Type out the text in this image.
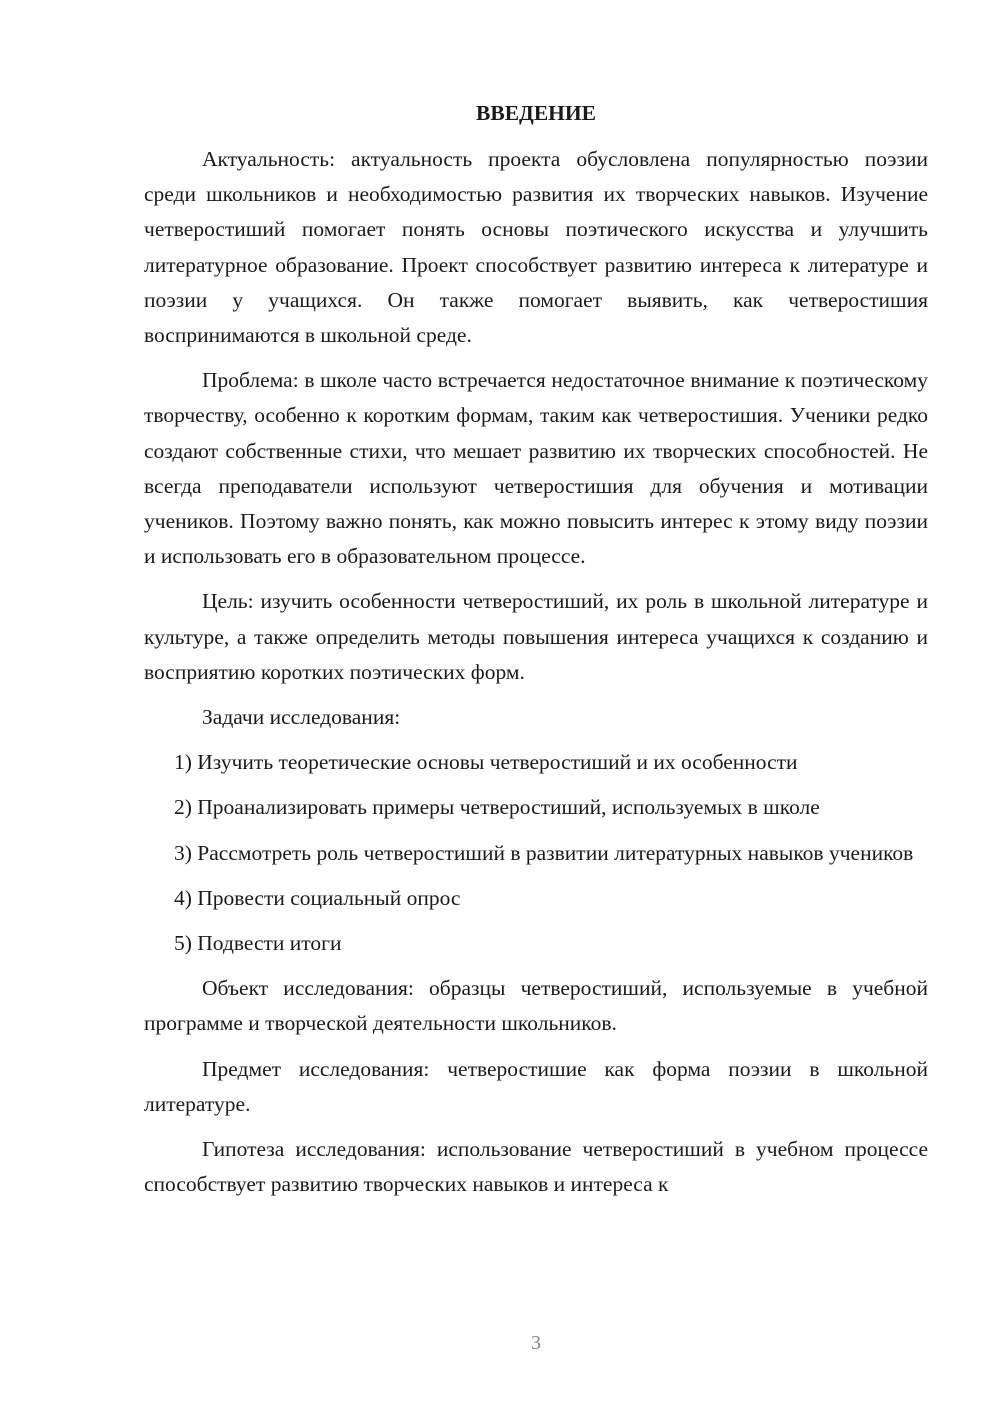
ВВЕДЕНИЕ

Актуальность: актуальность проекта обусловлена популярностью поэзии среди школьников и необходимостью развития их творческих навыков. Изучение четверостиший помогает понять основы поэтического искусства и улучшить литературное образование. Проект способствует развитию интереса к литературе и поэзии у учащихся. Он также помогает выявить, как четверостишия воспринимаются в школьной среде.

Проблема: в школе часто встречается недостаточное внимание к поэтическому творчеству, особенно к коротким формам, таким как четверостишия. Ученики редко создают собственные стихи, что мешает развитию их творческих способностей. Не всегда преподаватели используют четверостишия для обучения и мотивации учеников. Поэтому важно понять, как можно повысить интерес к этому виду поэзии и использовать его в образовательном процессе.

Цель: изучить особенности четверостиший, их роль в школьной литературе и культуре, а также определить методы повышения интереса учащихся к созданию и восприятию коротких поэтических форм.

Задачи исследования:

1) Изучить теоретические основы четверостиший и их особенности

2) Проанализировать примеры четверостиший, используемых в школе

3) Рассмотреть роль четверостиший в развитии литературных навыков учеников

4) Провести социальный опрос

5) Подвести итоги

Объект исследования: образцы четверостиший, используемые в учебной программе и творческой деятельности школьников.

Предмет исследования: четверостишие как форма поэзии в школьной литературе.

Гипотеза исследования: использование четверостиший в учебном процессе способствует развитию творческих навыков и интереса к

3
